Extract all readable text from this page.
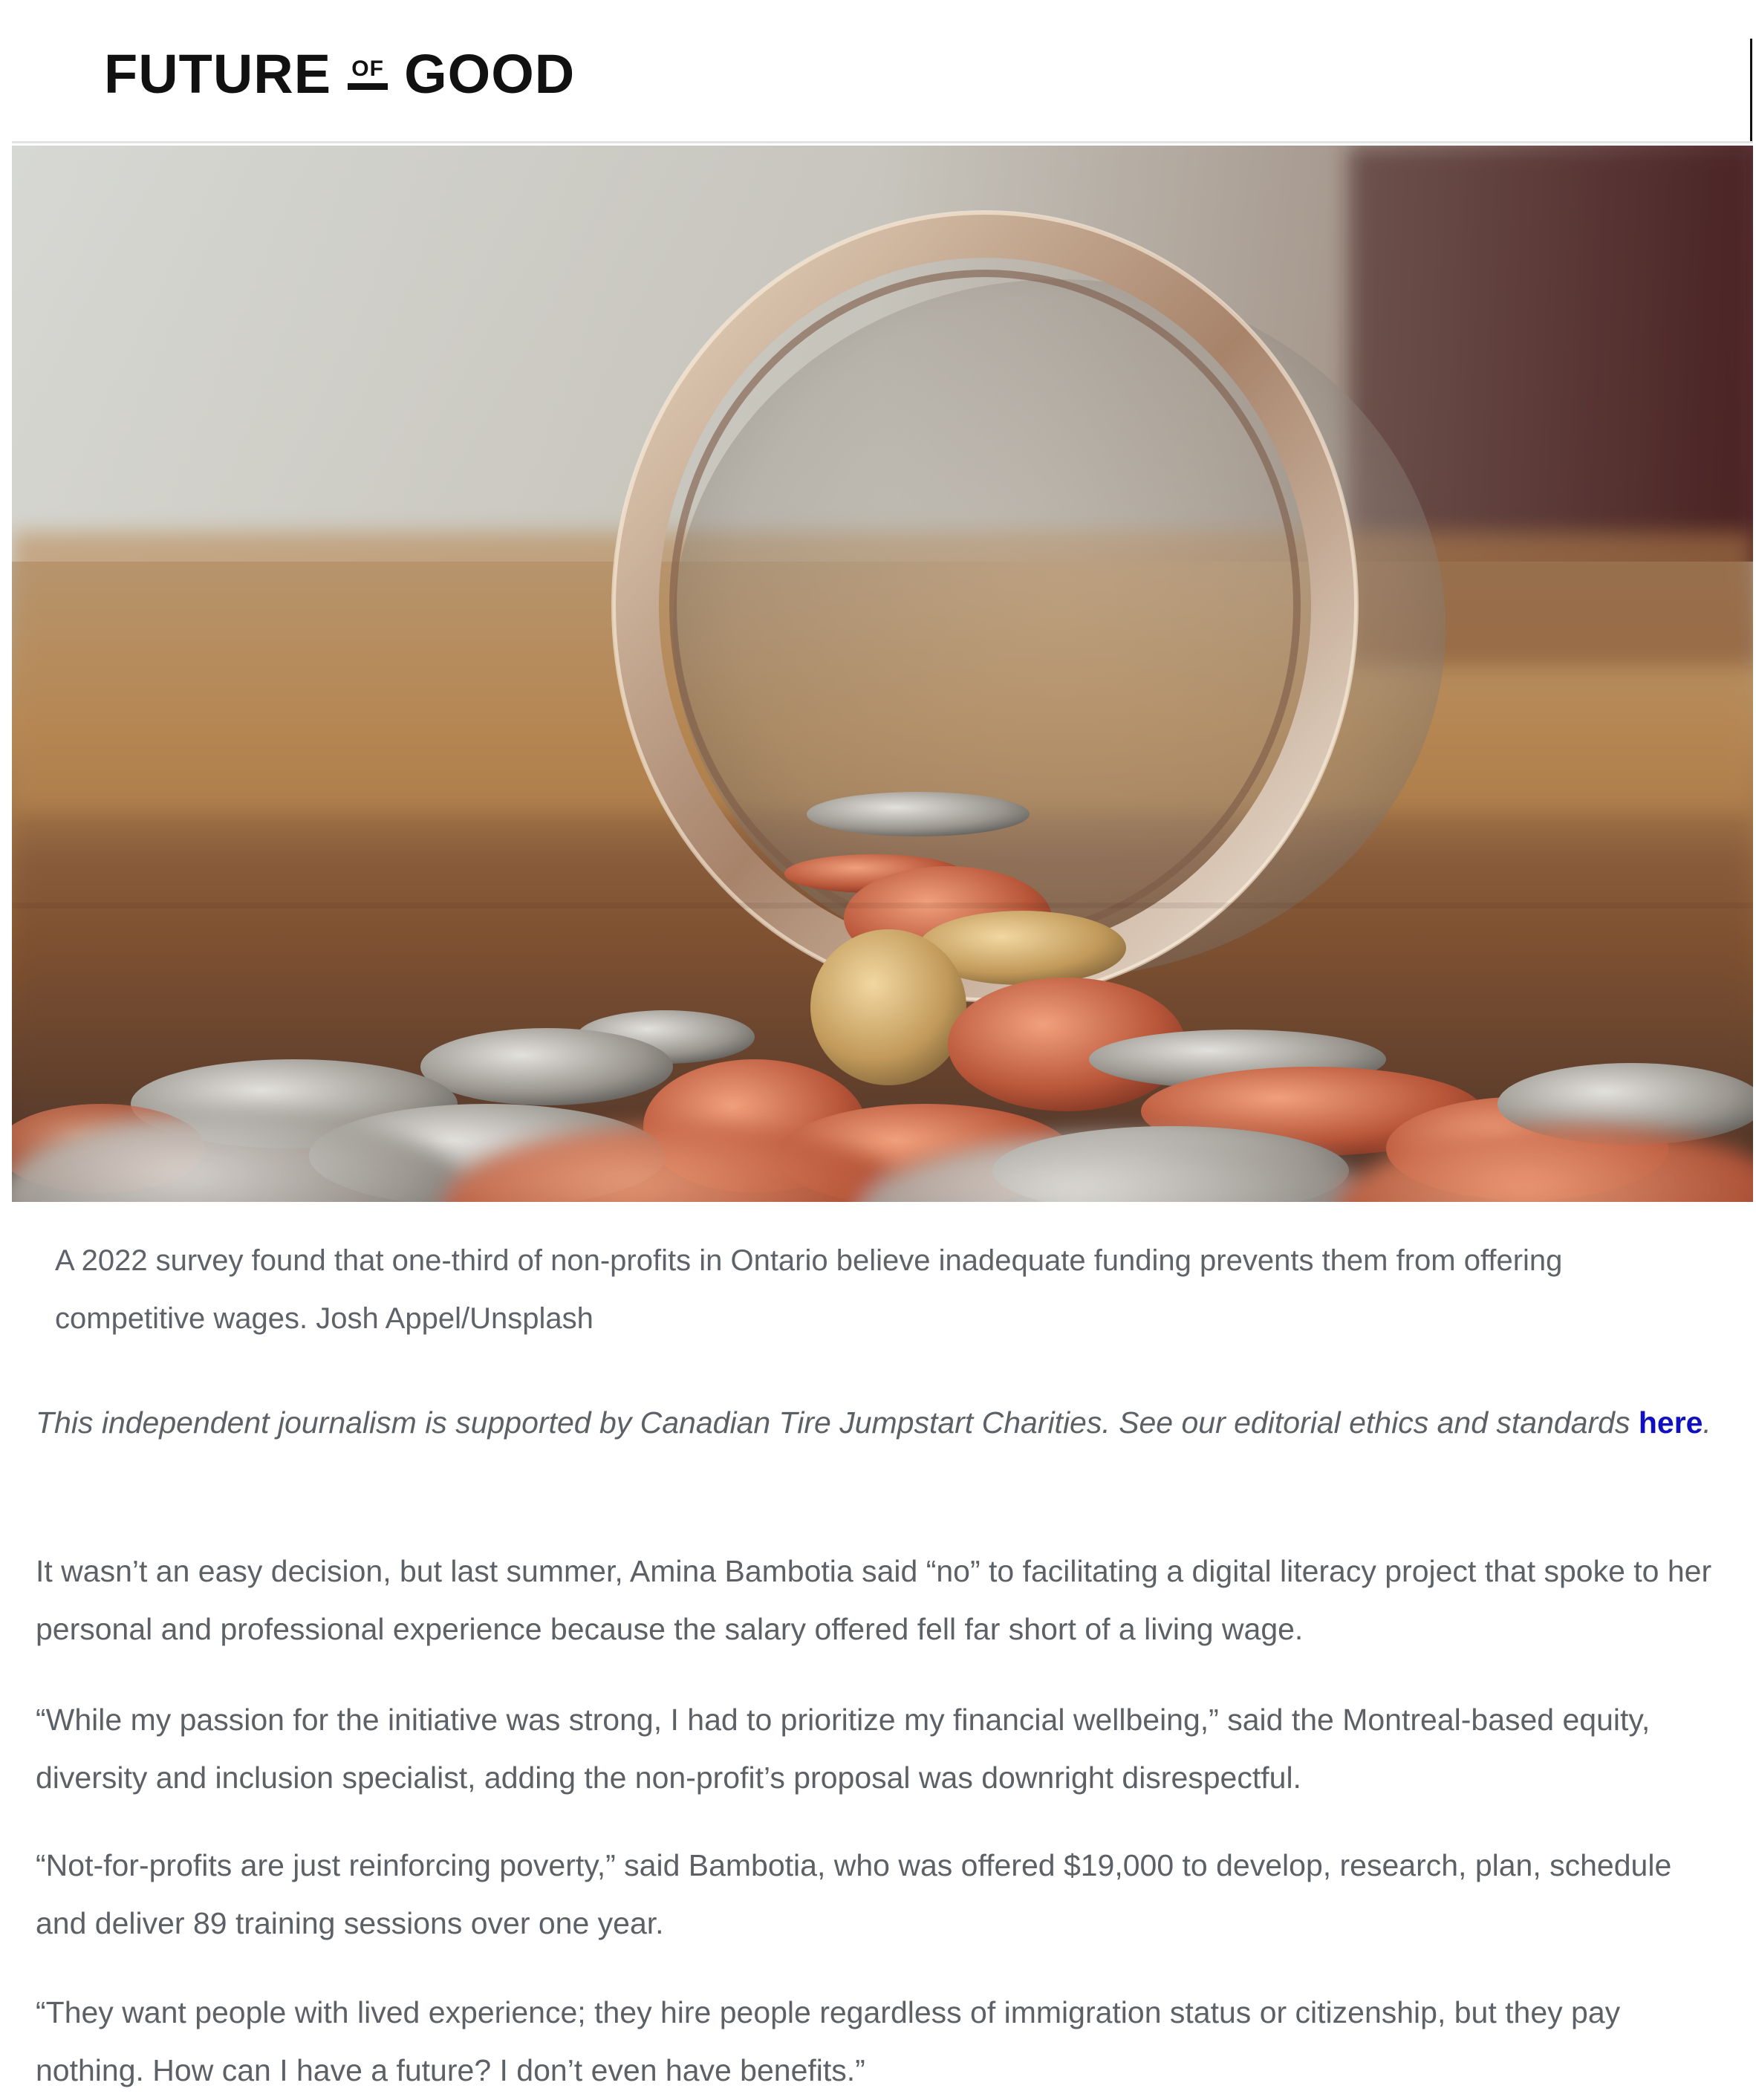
FUTURE OF GOOD
A 2022 survey found that one-third of non-profits in Ontario believe inadequate funding prevents them from offering competitive wages. Josh Appel/Unsplash

This independent journalism is supported by Canadian Tire Jumpstart Charities. See our editorial ethics and standards here.

It wasn’t an easy decision, but last summer, Amina Bambotia said “no” to facilitating a digital literacy project that spoke to her personal and professional experience because the salary offered fell far short of a living wage.

“While my passion for the initiative was strong, I had to prioritize my financial wellbeing,” said the Montreal-based equity, diversity and inclusion specialist, adding the non-profit’s proposal was downright disrespectful.

“Not-for-profits are just reinforcing poverty,” said Bambotia, who was offered $19,000 to develop, research, plan, schedule and deliver 89 training sessions over one year.

“They want people with lived experience; they hire people regardless of immigration status or citizenship, but they pay nothing. How can I have a future? I don’t even have benefits.”
